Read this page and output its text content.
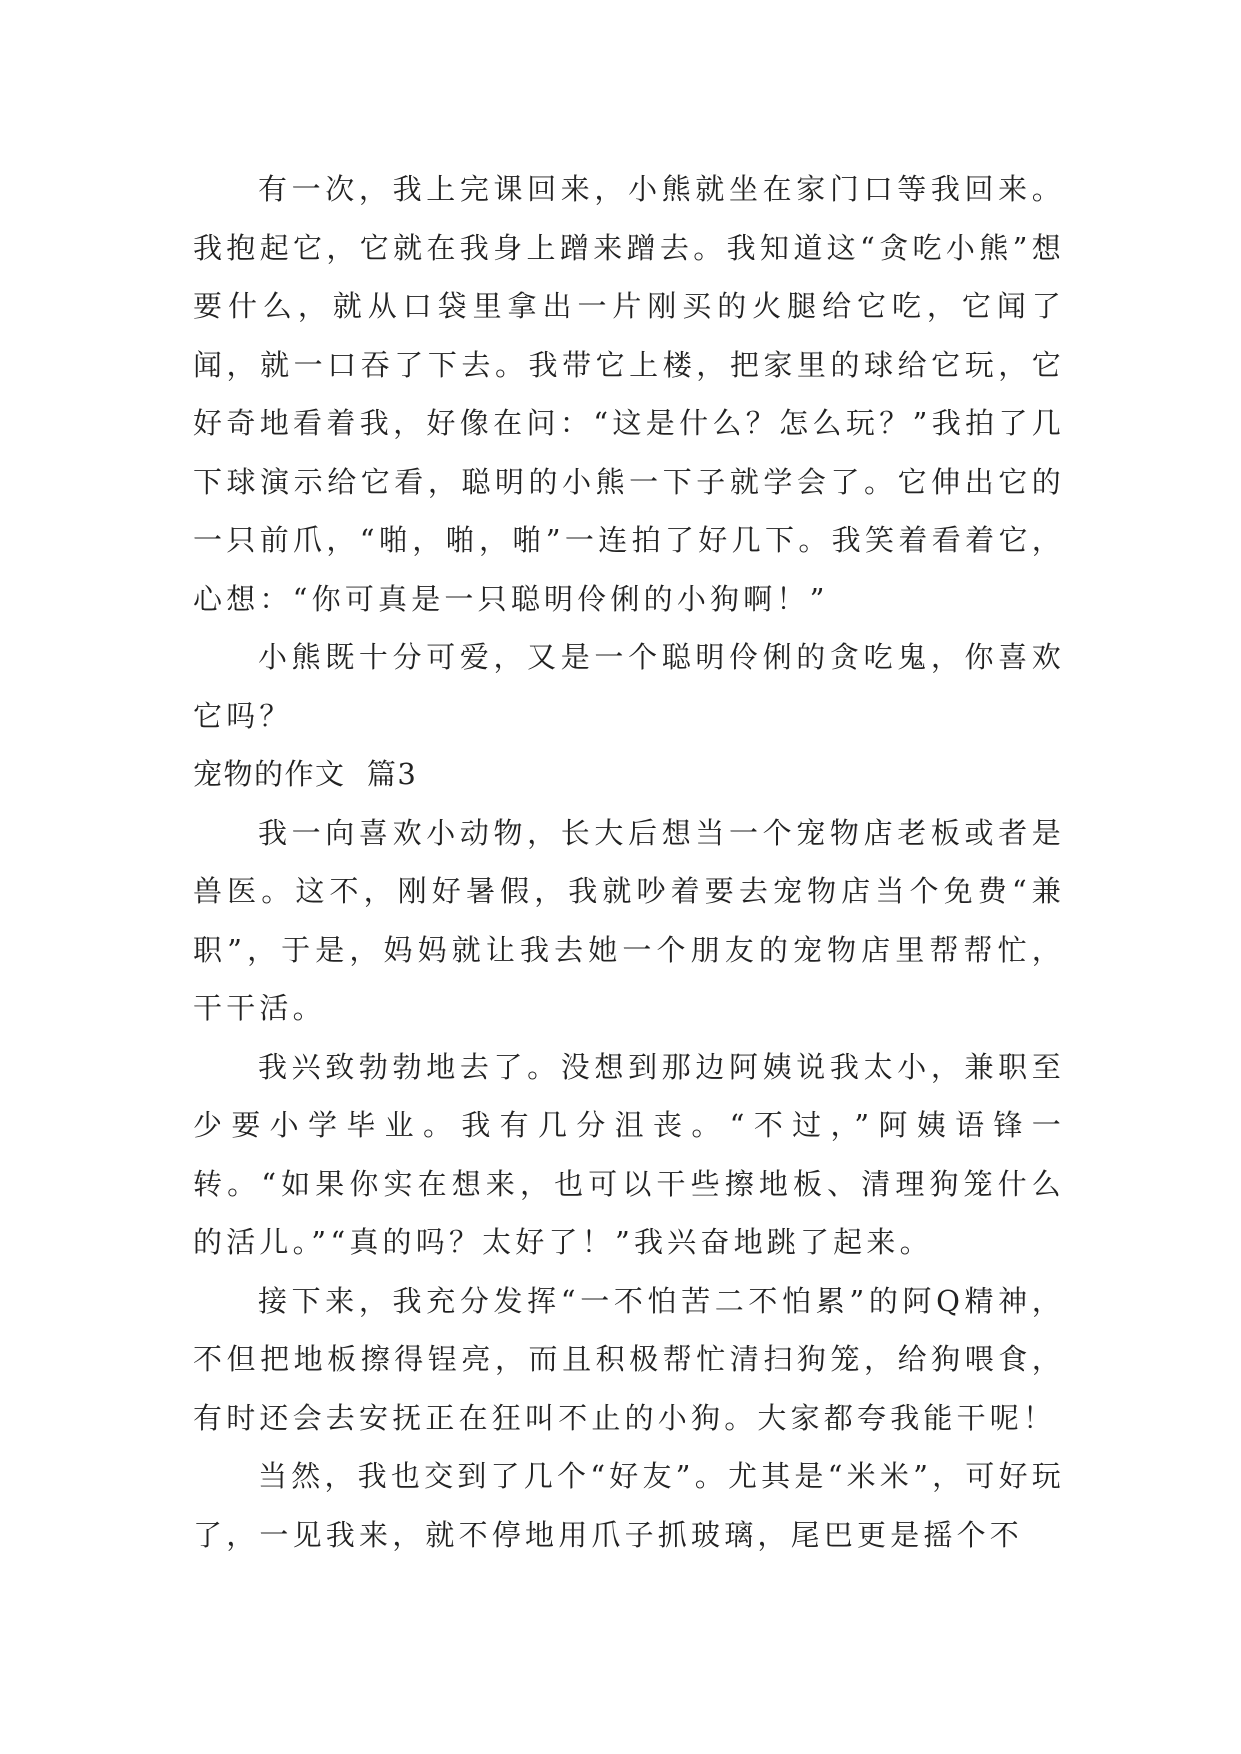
有一次，我上完课回来，小熊就坐在家门口等我回来。我抱起它，它就在我身上蹭来蹭去。我知道这“贪吃小熊”想要什么，就从口袋里拿出一片刚买的火腿给它吃，它闻了闻，就一口吞了下去。我带它上楼，把家里的球给它玩，它好奇地看着我，好像在问：“这是什么？怎么玩？”我拍了几下球演示给它看，聪明的小熊一下子就学会了。它伸出它的一只前爪，“啪，啪，啪”一连拍了好几下。我笑着看着它，心想：“你可真是一只聪明伶俐的小狗啊！”

小熊既十分可爱，又是一个聪明伶俐的贪吃鬼，你喜欢它吗？

宠物的作文  篇3

我一向喜欢小动物，长大后想当一个宠物店老板或者是兽医。这不，刚好暑假，我就吵着要去宠物店当个免费“兼职”，于是，妈妈就让我去她一个朋友的宠物店里帮帮忙，干干活。

我兴致勃勃地去了。没想到那边阿姨说我太小，兼职至少要小学毕业。我有几分沮丧。“不过，”阿姨语锋一转。“如果你实在想来，也可以干些擦地板、清理狗笼什么的活儿。”“真的吗？太好了！”我兴奋地跳了起来。

接下来，我充分发挥“一不怕苦二不怕累”的阿Q精神，不但把地板擦得锃亮，而且积极帮忙清扫狗笼，给狗喂食，有时还会去安抚正在狂叫不止的小狗。大家都夸我能干呢！

当然，我也交到了几个“好友”。尤其是“米米”，可好玩了，一见我来，就不停地用爪子抓玻璃，尾巴更是摇个不
